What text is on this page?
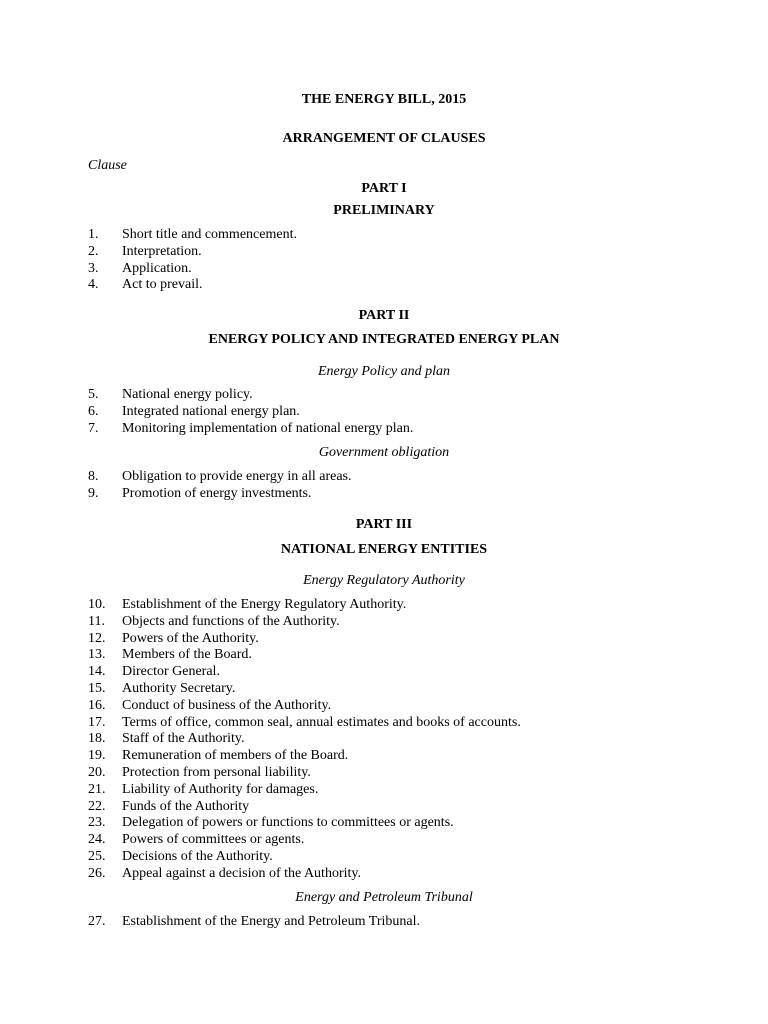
THE ENERGY BILL, 2015
ARRANGEMENT OF CLAUSES
Clause
PART I
PRELIMINARY
1. Short title and commencement.
2. Interpretation.
3. Application.
4. Act to prevail.
PART II
ENERGY POLICY AND INTEGRATED ENERGY PLAN
Energy Policy and plan
5. National energy policy.
6. Integrated national energy plan.
7. Monitoring implementation of national energy plan.
Government obligation
8. Obligation to provide energy in all areas.
9. Promotion of energy investments.
PART III
NATIONAL ENERGY ENTITIES
Energy Regulatory Authority
10. Establishment of the Energy Regulatory Authority.
11. Objects and functions of the Authority.
12. Powers of the Authority.
13. Members of the Board.
14. Director General.
15. Authority Secretary.
16. Conduct of business of the Authority.
17. Terms of office, common seal, annual estimates and books of accounts.
18. Staff of the Authority.
19. Remuneration of members of the Board.
20. Protection from personal liability.
21. Liability of Authority for damages.
22. Funds of the Authority
23. Delegation of powers or functions to committees or agents.
24. Powers of committees or agents.
25. Decisions of the Authority.
26. Appeal against a decision of the Authority.
Energy and Petroleum Tribunal
27. Establishment of the Energy and Petroleum Tribunal.
